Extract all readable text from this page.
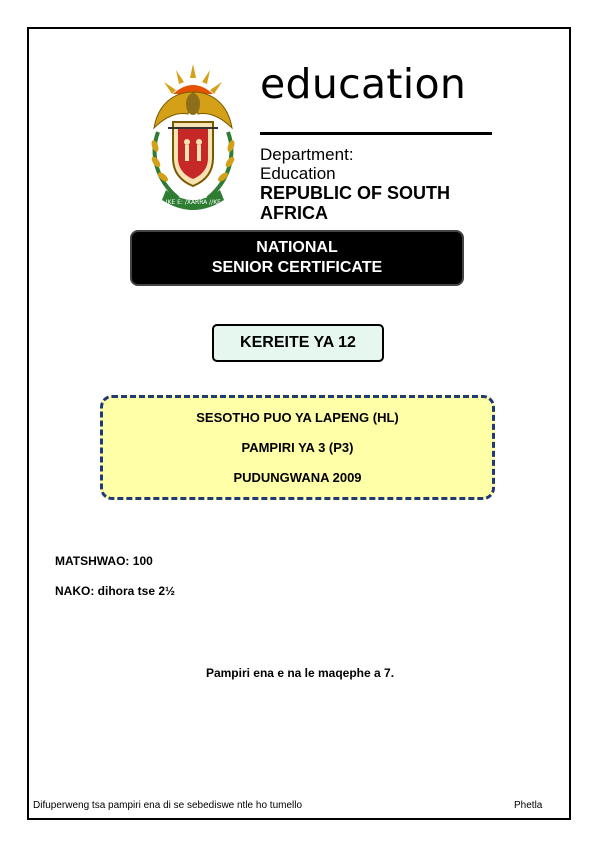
!KE E: /XARRA //KE
education
Department:
Education
REPUBLIC OF SOUTH AFRICA
NATIONAL
SENIOR CERTIFICATE
KEREITE YA 12
SESOTHO PUO YA LAPENG (HL)
PAMPIRI YA 3 (P3)
PUDUNGWANA 2009
MATSHWAO: 100
NAKO: dihora tse 2½
Pampiri ena e na le maqephe a 7.
Difuperweng tsa pampiri ena di se sebediswe ntle ho tumello	Phetla
